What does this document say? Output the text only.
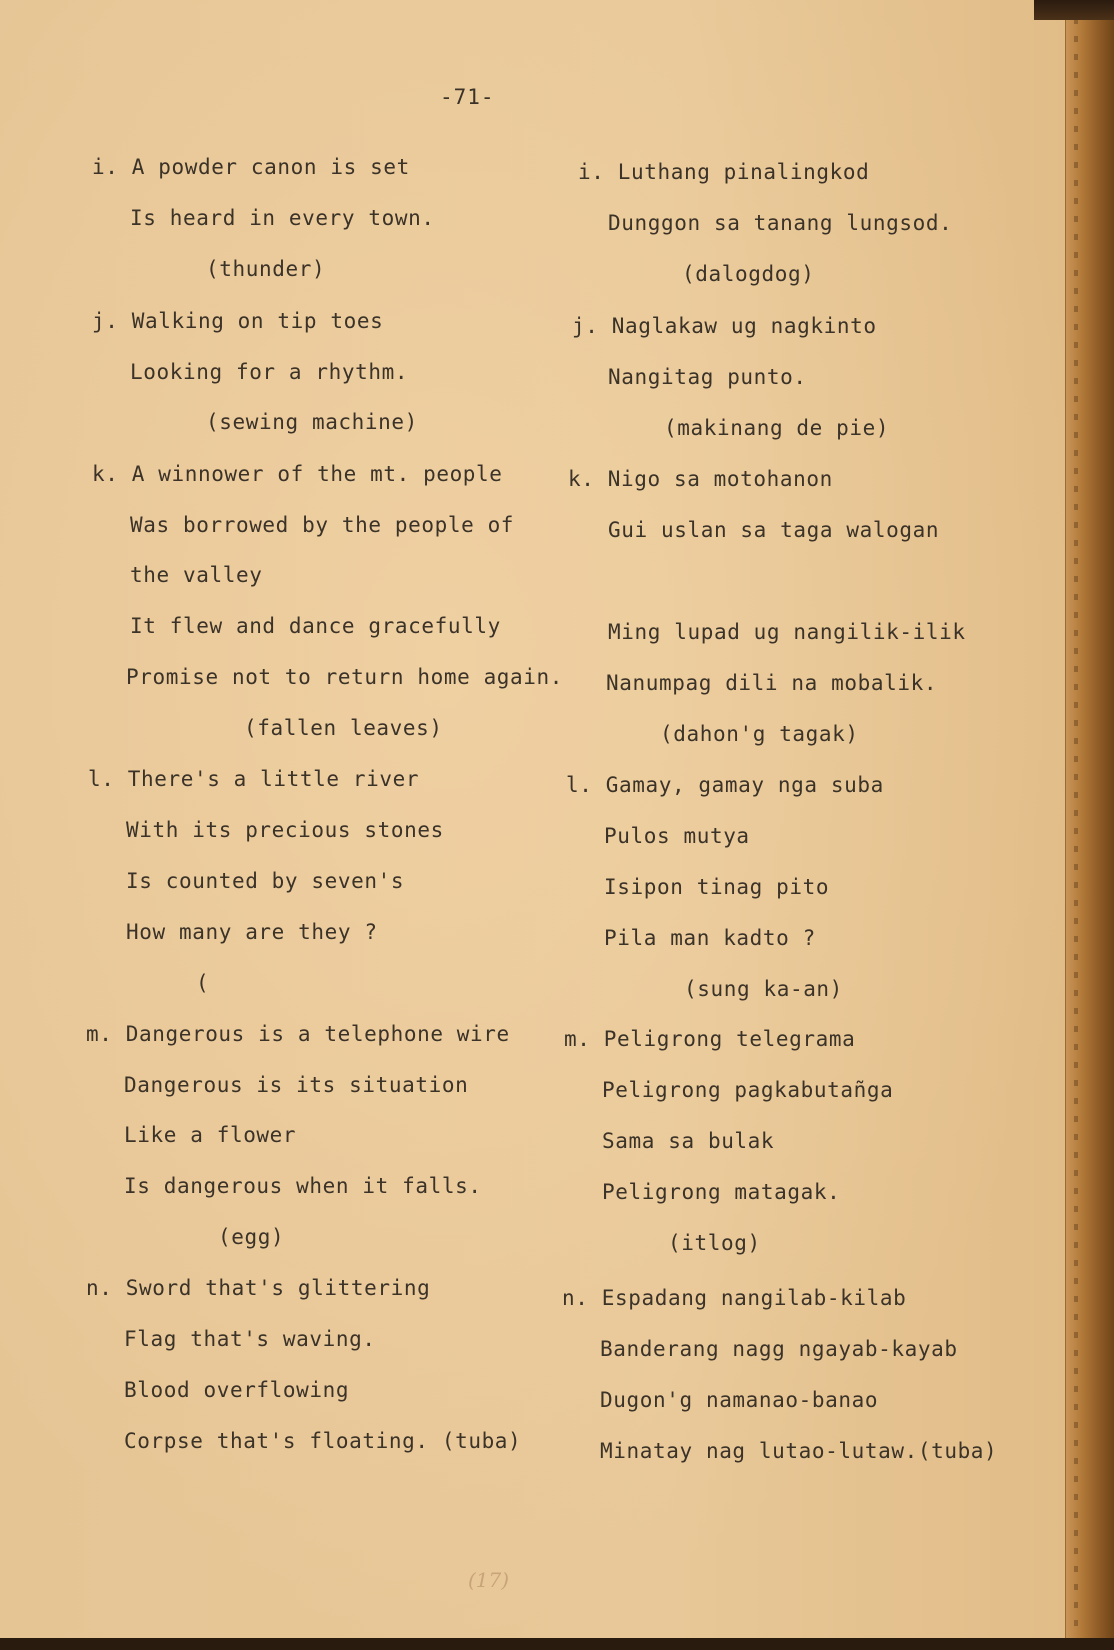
-71-
i. A powder canon is set
Is heard in every town.
(thunder)
j. Walking on tip toes
Looking for a rhythm.
(sewing machine)
k. A winnower of the mt. people
Was borrowed by the people of
the valley
It flew and dance gracefully
Promise not to return home again.
(fallen leaves)
l. There's a little river
With its precious stones
Is counted by seven's
How many are they ?
(
m. Dangerous is a telephone wire
Dangerous is its situation
Like a flower
Is dangerous when it falls.
(egg)
n. Sword that's glittering
Flag that's waving.
Blood overflowing
Corpse that's floating. (tuba)
i. Luthang pinalingkod
Dunggon sa tanang lungsod.
(dalogdog)
j. Naglakaw ug nagkinto
Nangitag punto.
(makinang de pie)
k. Nigo sa motohanon
Gui uslan sa taga walogan
Ming lupad ug nangilik-ilik
Nanumpag dili na mobalik.
(dahon'g tagak)
l. Gamay, gamay nga suba
Pulos mutya
Isipon tinag pito
Pila man kadto ?
(sung ka-an)
m. Peligrong telegrama
Peligrong pagkabutañga
Sama sa bulak
Peligrong matagak.
(itlog)
n. Espadang nangilab-kilab
Banderang nagg ngayab-kayab
Dugon'g namanao-banao
Minatay nag lutao-lutaw.(tuba)
(17)
